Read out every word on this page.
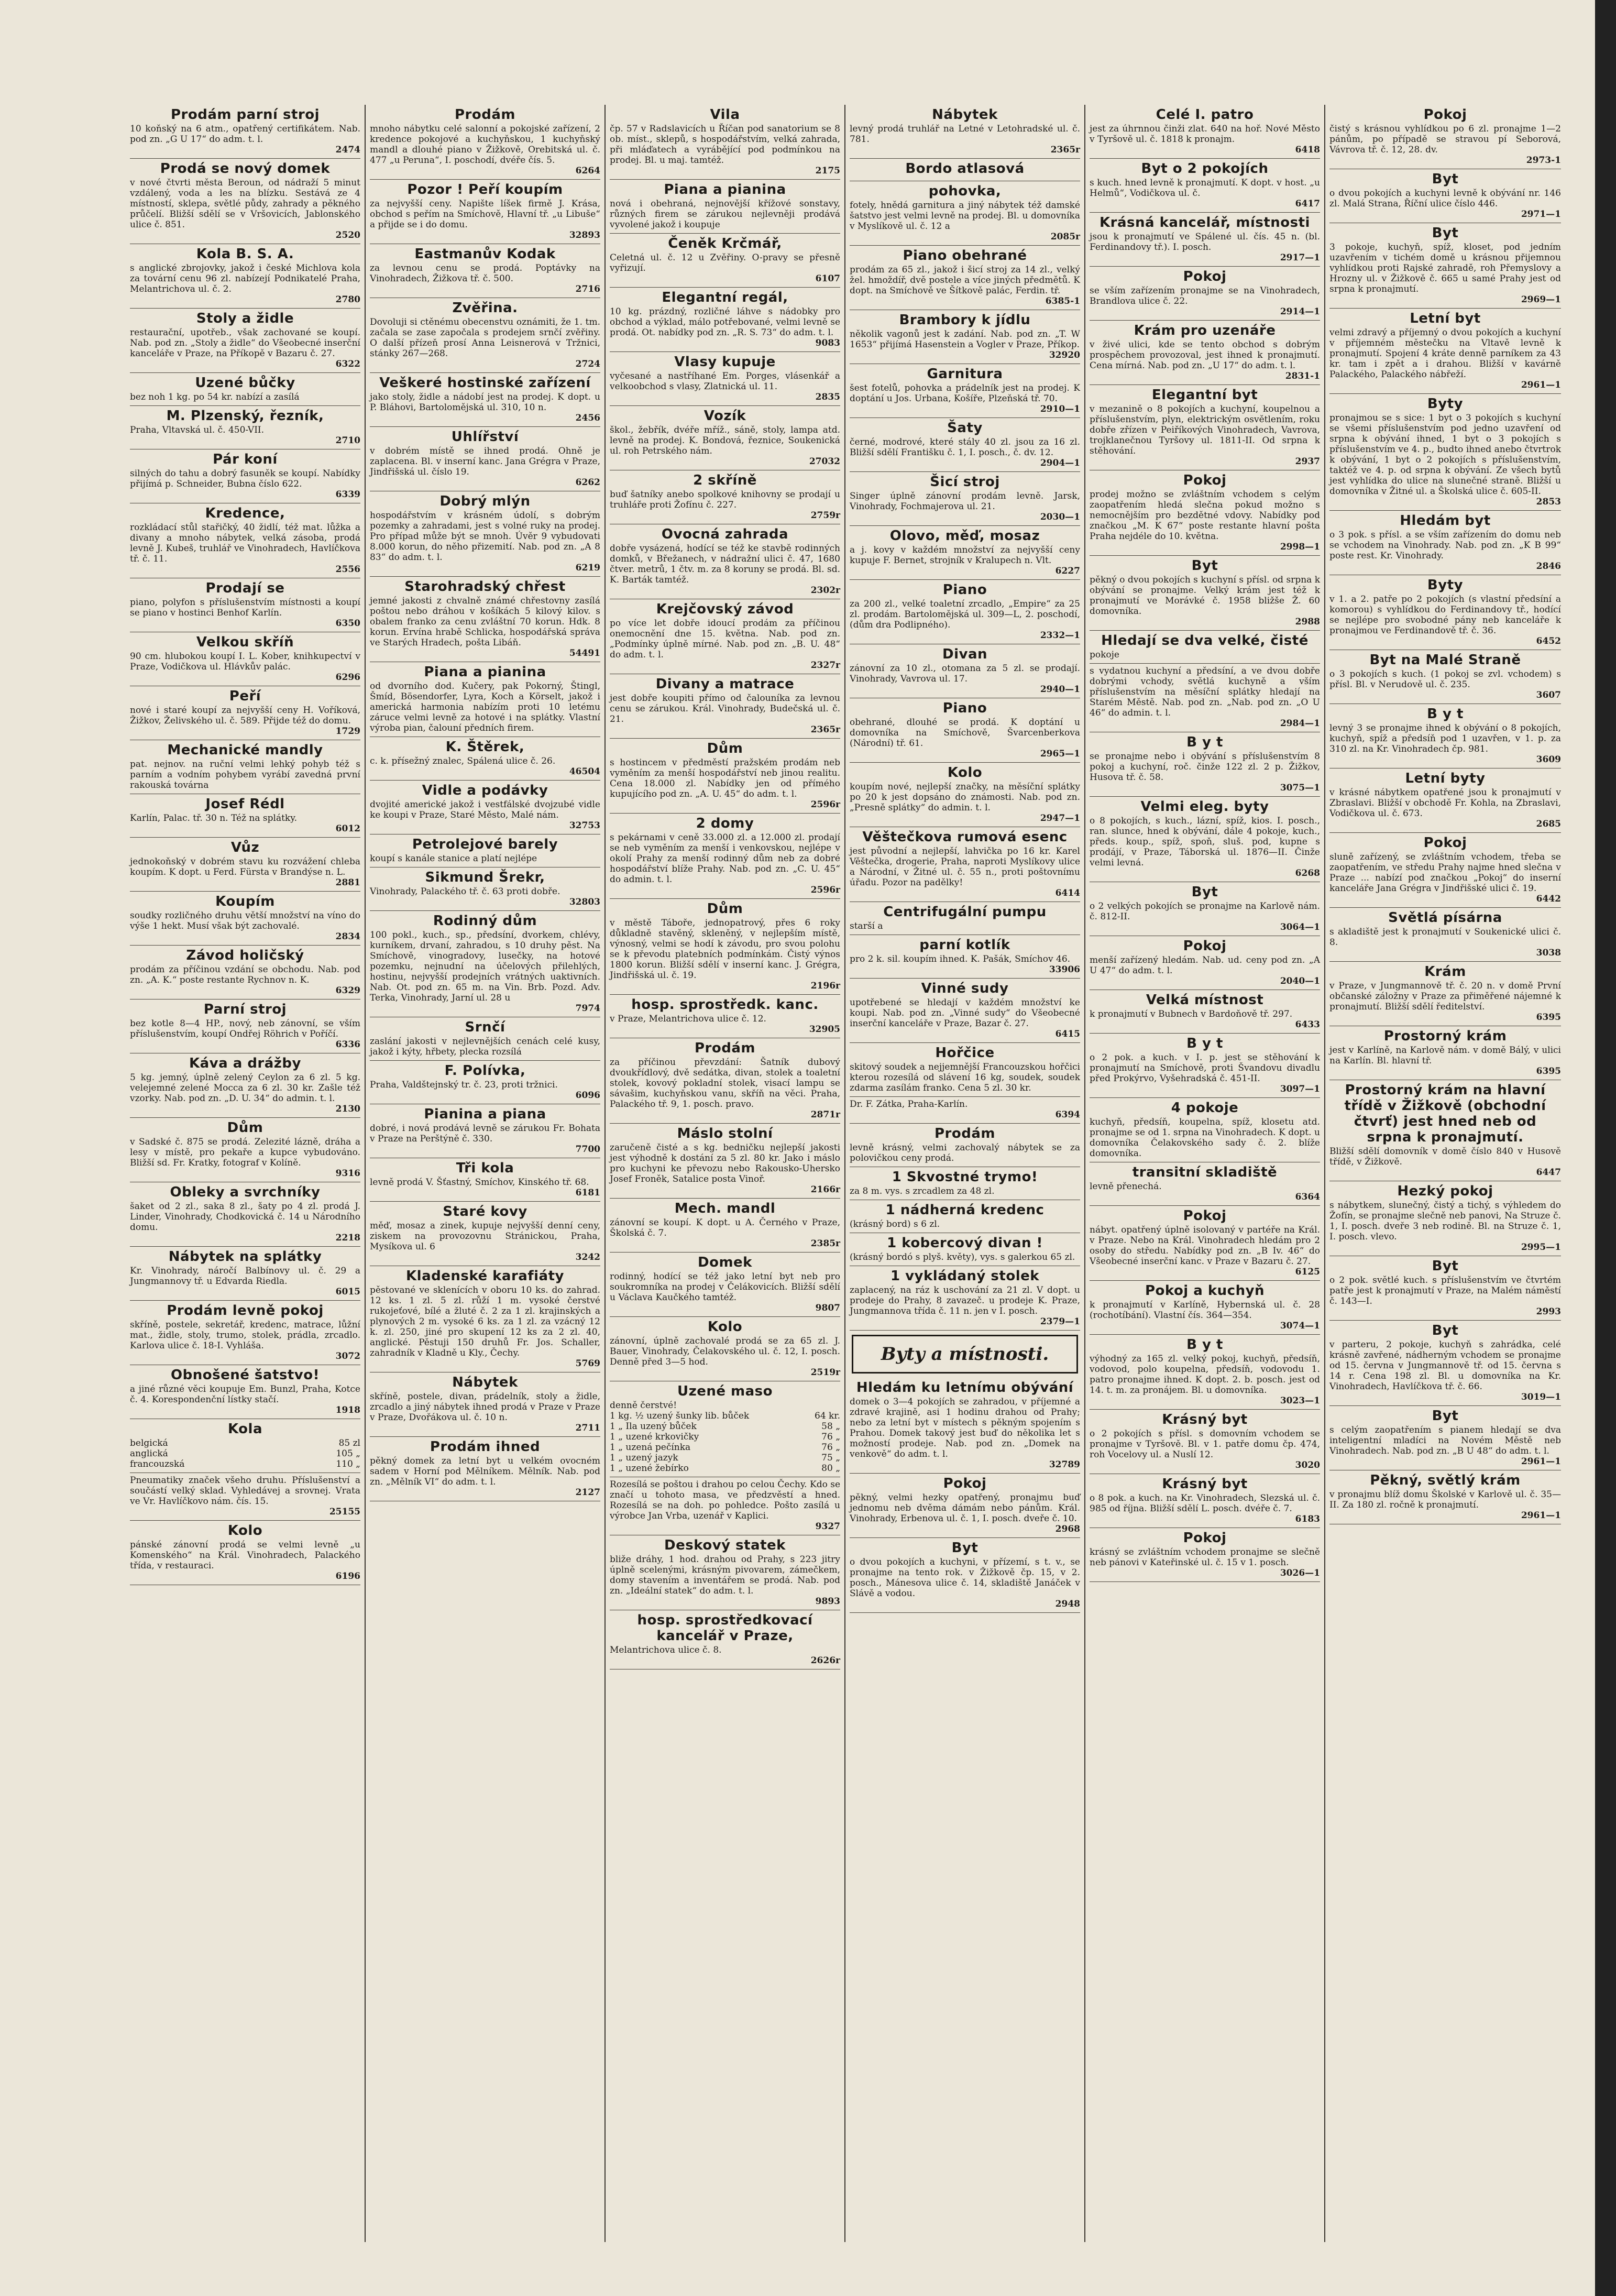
Prodám parní stroj

10 koňský na 6 atm., opatřený certifikátem. Nab. pod zn. „G U 17“ do adm. t. l.

2474
Prodá se nový domek

v nové čtvrti města Beroun, od nádraží 5 minut vzdálený, voda a les na blízku. Sestává ze 4 místností, sklepa, světlé půdy, zahrady a pěkného průčelí. Bližší sdělí se v Vršovicích, Jablonského ulice č. 851.

2520
Kola B. S. A.

s anglické zbrojovky, jakož i české Michlova kola za tovární cenu 96 zl. nabízejí Podnikatelé Praha, Melantrichova ul. č. 2.

2780
Stoly a židle

restaurační, upotřeb., však zachované se koupí. Nab. pod zn. „Stoly a židle“ do Všeobecné inserční kanceláře v Praze, na Příkopě v Bazaru č. 27.

6322
Uzené bůčky

bez noh 1 kg. po 54 kr. nabízí a zasílá

M. Plzenský, řezník,

Praha, Vltavská ul. č. 450-VII.

2710
Pár koní

silných do tahu a dobrý fasuněk se koupí. Nabídky přijímá p. Schneider, Bubna číslo 622.

6339
Kredence,

rozkládací stůl stařičký, 40 židlí, též mat. lůžka a divany a mnoho nábytek, velká zásoba, prodá levně J. Kubeš, truhlář ve Vinohradech, Havlíčkova tř. č. 11.

2556
Prodají se

piano, polyfon s příslušenstvím místnosti a koupí se piano v hostinci Benhof Karlín.

6350
Velkou skříň

90 cm. hlubokou koupí I. L. Kober, knihkupectví v Praze, Vodičkova ul. Hlávkův palác.

6296
Peří

nové i staré koupí za nejvyšší ceny H. Voříková, Žižkov, Želivského ul. č. 589. Přijde též do domu.

1729
Mechanické mandly

pat. nejnov. na ruční velmi lehký pohyb též s parním a vodním pohybem vyrábí zavedná první rakouská továrna

Josef Rédl

Karlín, Palac. tř. 30 n. Též na splátky.

6012
Vůz

jednokoňský v dobrém stavu ku rozvážení chleba koupím. K dopt. u Ferd. Fürsta v Brandýse n. L.

2881
Koupím

soudky rozličného druhu větší množství na víno do výše 1 hekt. Musí však být zachovalé.

2834
Závod holičský

prodám za příčinou vzdání se obchodu. Nab. pod zn. „A. K.“ poste restante Rychnov n. K.

6329
Parní stroj

bez kotle 8—4 HP., nový, neb zánovní, se vším příslušenstvím, koupí Ondřej Röhrich v Poříčí.

6336
Káva a drážby

5 kg. jemný, úplně zelený Ceylon za 6 zl. 5 kg. velejemné zelené Mocca za 6 zl. 30 kr. Zašle též vzorky. Nab. pod zn. „D. U. 34“ do admin. t. l.

2130
Dům

v Sadské č. 875 se prodá. Zelezité lázně, dráha a lesy v místě, pro pekaře a kupce vybudováno. Bližší sd. Fr. Kratky, fotograf v Kolíně.

9316
Obleky a svrchníky

šaket od 2 zl., saka 8 zl., šaty po 4 zl. prodá J. Linder, Vinohrady, Chodkovická č. 14 u Národního domu.

2218
Nábytek na splátky

Kr. Vinohrady, náročí Balbínovy ul. č. 29 a Jungmannovy tř. u Edvarda Riedla.

6015
Prodám levně pokoj

skříně, postele, sekretář, kredenc, matrace, lůžní mat., židle, stoly, trumo, stolek, prádla, zrcadlo. Karlova ulice č. 18-I. Vyhláša.

3072
Obnošené šatstvo!

a jiné různé věci koupuje Em. Bunzl, Praha, Kotce č. 4. Korespondenční lístky stačí.

1918
Kola
belgická	85 zl
anglická	105 „
francouzská	110 „

Pneumatiky značek všeho druhu. Příslušenství a součástí velký sklad. Vyhledávej a srovnej. Vrata ve Vr. Havlíčkovo nám. čís. 15.

25155
Kolo

pánské zánovní prodá se velmi levně „u Komenského“ na Král. Vinohradech, Palackého třída, v restauraci.

6196
Prodám

mnoho nábytku celé salonní a pokojské zařízení, 2 kredence pokojové a kuchyňskou, 1 kuchyňský mandl a dlouhé piano v Žižkově, Orebitská ul. č. 477 „u Peruna“, I. poschodí, dvéře čís. 5.

6264
Pozor ! Peří koupím

za nejvyšší ceny. Napište líšek firmě J. Krása, obchod s peřím na Smíchově, Hlavní tř. „u Libuše“ a přijde se i do domu.

32893
Eastmanův Kodak

za levnou cenu se prodá. Poptávky na Vinohradech, Žižkova tř. č. 500.

2716
Zvěřina.

Dovoluji si ctěnému obecenstvu oznámiti, že 1. tm. začala se zase započala s prodejem srnčí zvěřiny. O další přízeň prosí Anna Leisnerová v Tržnici, stánky 267—268.

2724
Veškeré hostinské zařízení

jako stoly, židle a nádobí jest na prodej. K dopt. u P. Bláhovi, Bartolomějská ul. 310, 10 n.

2456
Uhlířství

v dobrém místě se ihned prodá. Ohně je zaplacena. Bl. v inserní kanc. Jana Grégra v Praze, Jindřišská ul. číslo 19.

6262
Dobrý mlýn

hospodářstvím v krásném údolí, s dobrým pozemky a zahradami, jest s volné ruky na prodej. Pro případ může být se mnoh. Úvěr 9 vybudovati 8.000 korun, do něho přizemití. Nab. pod zn. „A 8 83“ do adm. t. l.

6219
Starohradský chřest

jemné jakosti z chvalně známé chřestovny zasílá poštou nebo dráhou v košíkách 5 kilový kilov. s obalem franko za cenu zvláštní 70 korun. Hdk. 8 korun. Ervína hrabě Schlicka, hospodářská správa ve Starých Hradech, pošta Libáň.

54491
Piana a pianina

od dvorního dod. Kučery, pak Pokorný, Štingl, Šmíd, Bösendorfer, Lyra, Koch a Körselt, jakož i americká harmonia nabízím proti 10 letému záruce velmi levně za hotové i na splátky. Vlastní výroba pian, čalouní předních firem.

K. Štěrek,

c. k. přísežný znalec, Spálená ulice č. 26.

46504
Vidle a podávky

dvojité americké jakož i vestfálské dvojzubé vidle ke koupi v Praze, Staré Město, Malé nám.

32753
Petrolejové barely

koupí s kanále stanice a platí nejlépe

Sikmund Šrekr,

Vinohrady, Palackého tř. č. 63 proti dobře.

32803
Rodinný dům

100 pokl., kuch., sp., předsíní, dvorkem, chlévy, kurníkem, drvaní, zahradou, s 10 druhy pěst. Na Smíchově, vinogradovy, lusečky, na hotové pozemku, nejnudní na účelových přilehlých, hostinu, nejvyšší prodejních vrátných uaktivních. Nab. Ot. pod zn. 65 m. na Vin. Brb. Pozd. Adv. Terka, Vinohrady, Jarní ul. 28 u

7974
Srnčí

zaslání jakosti v nejlevnějších cenách celé kusy, jakož i kýty, hřbety, plecka rozsílá

F. Polívka,

Praha, Valdštejnský tr. č. 23, proti tržnici.

6096
Pianina a piana

dobré, i nová prodává levně se zárukou Fr. Bohata v Praze na Perštýně č. 330.

7700
Tři kola

levně prodá V. Šťastný, Smíchov, Kinského tř. 68.

6181
Staré kovy

měď, mosaz a zinek, kupuje nejvyšší denní ceny, ziskem na provozovnu Stránickou, Praha, Mysíkova ul. 6

3242
Kladenské karafiáty

pěstované ve sklenících v oboru 10 ks. do zahrad. 12 ks. 1 zl. 5 zl. růží 1 m. vysoké čerstvé rukojeťové, bílé a žluté č. 2 za 1 zl. krajinských a plynových 2 m. vysoké 6 ks. za 1 zl. za vzácný 12 k. zl. 250, jiné pro skupení 12 ks za 2 zl. 40, anglické. Pěstuji 150 druhů Fr. Jos. Schaller, zahradník v Kladně u Kly., Čechy.

5769
Nábytek

skříně, postele, divan, prádelník, stoly a židle, zrcadlo a jiný nábytek ihned prodá v Praze v Praze v Praze, Dvořákova ul. č. 10 n.

2711
Prodám ihned

pěkný domek za letní byt u velkém ovocném sadem v Horní pod Mělníkem. Mělník. Nab. pod zn. „Mělník VI“ do adm. t. l.

2127
Vila

čp. 57 v Radslavicích u Říčan pod sanatorium se 8 ob. míst., sklepů, s hospodářstvím, velká zahrada, při mláďatech a vyrábějící pod podmínkou na prodej. Bl. u maj. tamtéž.

2175
Piana a pianina

nová i obehraná, nejnovější křížové sonstavy, různých firem se zárukou nejlevněji prodává vyvolené jakož i koupuje

Čeněk Krčmář,

Celetná ul. č. 12 u Zvěřiny. O-pravy se přesně vyřizují.

6107
Elegantní regál,

10 kg. prázdný, rozličné láhve s nádobky pro obchod a výklad, málo potřebované, velmi levně se prodá. Ot. nabídky pod zn. „R. S. 73“ do adm. t. l.

9083
Vlasy kupuje

vyčesané a nastříhané Em. Porges, vlásenkář a velkoobchod s vlasy, Zlatnická ul. 11.

2835
Vozík

škol., žebřík, dvéře mříž., sáně, stoly, lampa atd. levně na prodej. K. Bondová, řeznice, Soukenická ul. roh Petrského nám.

27032
2 skříně

buď šatníky anebo spolkové knihovny se prodají u truhláře proti Žofínu č. 227.

2759r
Ovocná zahrada

dobře vysázená, hodící se též ke stavbě rodinných domků, v Břežanech, v nádražní ulici č. 47, 1680 čtver. metrů, 1 čtv. m. za 8 koruny se prodá. Bl. sd. K. Barták tamtéž.

2302r
Krejčovský závod

po více let dobře idoucí prodám za příčinou onemocnění dne 15. května. Nab. pod zn. „Podmínky úplně mírné. Nab. pod zn. „B. U. 48“ do adm. t. l.

2327r
Divany a matrace

jest dobře koupiti přímo od čalouníka za levnou cenu se zárukou. Král. Vinohrady, Budečská ul. č. 21.

2365r
Dům

s hostincem v předměstí pražském prodám neb vyměním za menší hospodářství neb jinou realitu. Cena 18.000 zl. Nabídky jen od přímého kupujícího pod zn. „A. U. 45“ do adm. t. l.

2596r
2 domy

s pekárnami v ceně 33.000 zl. a 12.000 zl. prodají se neb vyměním za menší i venkovskou, nejlépe v okolí Prahy za menší rodinný dům neb za dobré hospodářství blíže Prahy. Nab. pod zn. „C. U. 45“ do admin. t. l.

2596r
Dům

v městě Táboře, jednopatrový, přes 6 roky důkladně stavěný, skleněný, v nejlepším místě, výnosný, velmi se hodí k závodu, pro svou polohu se k převodu platebních podmínkám. Čistý výnos 1800 korun. Bližší sdělí v inserní kanc. J. Grégra, Jindřišská ul. č. 19.

2196r
hosp. sprostředk. kanc.

v Praze, Melantrichova ulice č. 12.

32905
Prodám

za příčinou převzdání: Šatník dubový dvoukřídlový, dvě sedátka, divan, stolek a toaletní stolek, kovový pokladní stolek, visací lampu se sávašim, kuchyňskou vanu, skříň na věci. Praha, Palackého tř. 9, 1. posch. pravo.

2871r
Máslo stolní

zaručeně čisté a s kg. bedničku nejlepší jakosti jest výhodně k dostání za 5 zl. 80 kr. Jako i máslo pro kuchyni ke převozu nebo Rakousko-Uhersko Josef Froněk, Satalice posta Vinoř.

2166r
Mech. mandl

zánovní se koupí. K dopt. u A. Černého v Praze, Školská č. 7.

2385r
Domek

rodinný, hodící se též jako letní byt neb pro soukromníka na prodej v Čelákovicích. Bližší sdělí u Václava Kaučkého tamtéž.

9807
Kolo

zánovní, úplně zachovalé prodá se za 65 zl. J. Bauer, Vinohrady, Čelakovského ul. č. 12, I. posch. Denně před 3—5 hod.

2519r
Uzené maso

denně čerstvé!

1 kg. ½ uzený šunky lib. bůček	64 kr.
1 „ Ila uzený bůček	58 „
1 „ uzené krkovičky	76 „
1 „ uzená pečínka	76 „
1 „ uzený jazyk	75 „
1 „ uzené žebírko	80 „

Rozesílá se poštou i drahou po celou Čechy. Kdo se značí u tohoto masa, ve předzvěstí a hned. Rozesílá se na doh. po pohledce. Pošto zasílá u výrobce Jan Vrba, uzenář v Kaplici.

9327
Deskový statek

bliže dráhy, 1 hod. drahou od Prahy, s 223 jitry úplně scelenými, krásným pivovarem, zámečkem, domy stavením a inventářem se prodá. Nab. pod zn. „Ideální statek“ do adm. t. l.

9893
hosp. sprostředkovací kancelář v Praze,

Melantrichova ulice č. 8.

2626r
Nábytek

levný prodá truhlář na Letné v Letohradské ul. č. 781.

2365r
Bordo atlasová
pohovka,

fotely, hnědá garnitura a jiný nábytek též damské šatstvo jest velmi levně na prodej. Bl. u domovníka v Myslíkově ul. č. 12 a

2085r
Piano obehrané

prodám za 65 zl., jakož i šicí stroj za 14 zl., velký žel. hmoždíř, dvě postele a více jiných předmětů. K dopt. na Smíchově ve Šítkově palác, Ferdin. tř.

6385-1
Brambory k jídlu

několik vagonů jest k zadání. Nab. pod zn. „T. W 1653“ přijímá Hasenstein a Vogler v Praze, Příkop.

32920
Garnitura

šest fotelů, pohovka a prádelník jest na prodej. K doptání u Jos. Urbana, Košíře, Plzeňská tř. 70.

2910—1
Šaty

černé, modrové, které stály 40 zl. jsou za 16 zl. Bližší sdělí Františku č. 1, I. posch., č. dv. 12.

2904—1
Šicí stroj

Singer úplně zánovní prodám levně. Jarsk, Vinohrady, Fochmajerova ul. 21.

2030—1
Olovo, měď, mosaz

a j. kovy v každém množství za nejvyšší ceny kupuje F. Bernet, strojník v Kralupech n. Vlt.

6227
Piano

za 200 zl., velké toaletní zrcadlo, „Empire“ za 25 zl. prodám. Bartolomějská ul. 309—L, 2. poschodí, (dům dra Podlipného).

2332—1
Divan

zánovní za 10 zl., otomana za 5 zl. se prodají. Vinohrady, Vavrova ul. 17.

2940—1
Piano

obehrané, dlouhé se prodá. K doptání u domovníka na Smíchově, Švarcenberkova (Národní) tř. 61.

2965—1
Kolo

koupím nové, nejlepší značky, na měsíční splátky po 20 k jest dopsáno do známosti. Nab. pod zn. „Presně splátky“ do admin. t. l.

2947—1
Věštečkova rumová esenc

jest původní a nejlepší, lahvička po 16 kr. Karel Věštečka, drogerie, Praha, naproti Myslíkovy ulice a Národní, v Žitné ul. č. 55 n., proti poštovnímu úřadu. Pozor na padělky!

6414
Centrifugální pumpu

starší a

parní kotlík

pro 2 k. sil. koupím ihned. K. Pašák, Smíchov 46.

33906
Vinné sudy

upotřebené se hledají v každém množství ke koupi. Nab. pod zn. „Vinné sudy“ do Všeobecné inserční kanceláře v Praze, Bazar č. 27.

6415
Hořčice

skitový soudek a nejjemnější Francouzskou hořčici kterou rozesílá od slávení 16 kg, soudek, soudek zdarma zasílám franko. Cena 5 zl. 30 kr.

Dr. F. Zátka, Praha-Karlín.

6394
Prodám

levně krásný, velmi zachovalý nábytek se za polovičkou ceny prodá.

1 Skvostné trymo!

za 8 m. vys. s zrcadlem za 48 zl.

1 nádherná kredenc

(krásný bord) s 6 zl.

1 kobercový divan !

(krásný bordó s plyš. květy), vys. s galerkou 65 zl.

1 vykládaný stolek

zaplacený, na ráz k uschování za 21 zl. V dopt. u prodeje do Prahy, 8 zavazeč. u prodeje K. Praze, Jungmannova třída č. 11 n. jen v I. posch.

2379—1
Byty a místnosti.
Hledám ku letnímu obývání

domek o 3—4 pokojích se zahradou, v příjemné a zdravé krajině, asi 1 hodinu drahou od Prahy; nebo za letní byt v místech s pěkným spojením s Prahou. Domek takový jest buď do několika let s možností prodeje. Nab. pod zn. „Domek na venkově“ do adm. t. l.

32789
Pokoj

pěkný, velmi hezky opatřený, pronajmu buď jednomu neb dvěma dámám nebo pánům. Král. Vinohrady, Erbenova ul. č. 1, I. posch. dveře č. 10.

2968
Byt

o dvou pokojích a kuchyni, v přízemí, s t. v., se pronajme na tento rok. v Žižkově čp. 15, v 2. posch., Mánesova ulice č. 14, skladiště Janáček v Slávě a vodou.

2948
Celé I. patro

jest za úhrnnou činži zlat. 640 na hoř. Nové Město v Tyršově ul. č. 1818 k pronajm.

6418
Byt o 2 pokojích

s kuch. hned levně k pronajmutí. K dopt. v host. „u Helmů“, Vodičkova ul. č.

6417
Krásná kancelář, místnosti

jsou k pronajmutí ve Spálené ul. čís. 45 n. (bl. Ferdinandovy tř.). I. posch.

2917—1
Pokoj

se vším zařízením pronajme se na Vinohradech, Brandlova ulice č. 22.

2914—1
Krám pro uzenáře

v živé ulici, kde se tento obchod s dobrým prospěchem provozoval, jest ihned k pronajmutí. Cena mírná. Nab. pod zn. „U 17“ do adm. t. l.

2831-1
Elegantní byt

v mezanině o 8 pokojích a kuchyní, koupelnou a příslušenstvím, plyn, elektrickým osvětlením, roku dobře zřízen v Peiříkových Vinohradech, Vavrova, trojklanečnou Tyršovy ul. 1811-II. Od srpna k stěhování.

2937
Pokoj

prodej možno se zvláštním vchodem s celým zaopatřením hledá slečna pokud možno s nemocnějším pro bezdětné vdovy. Nabídky pod značkou „M. K 67“ poste restante hlavní pošta Praha nejdéle do 10. května.

2998—1
Byt

pěkný o dvou pokojích s kuchyní s přísl. od srpna k obývání se pronajme. Velký krám jest též k pronajmutí ve Morávké č. 1958 bližše Ž. 60 domovníka.

2988
Hledají se dva velké, čisté

pokoje

s vydatnou kuchyní a předsíní, a ve dvou dobře dobrými vchody, světlá kuchyně a vším příslušenstvím na měsíční splátky hledají na Starém Městě. Nab. pod zn. „Nab. pod zn. „O U 46“ do admin. t. l.

2984—1
B y t

se pronajme nebo i obývání s příslušenstvím 8 pokoj a kuchyní, roč. činže 122 zl. 2 p. Žižkov, Husova tř. č. 58.

3075—1
Velmi eleg. byty

o 8 pokojích, s kuch., lázní, spíž, kios. I. posch., ran. slunce, hned k obývání, dále 4 pokoje, kuch., předs. koup., spíž, spoň, sluš. pod, kupne s prodájí, v Praze, Táborská ul. 1876—II. Činže velmi levná.

6268
Byt

o 2 velkých pokojích se pronajme na Karlově nám. č. 812-II.

3064—1
Pokoj

menší zařízený hledám. Nab. ud. ceny pod zn. „A U 47“ do adm. t. l.

2040—1
Velká místnost

k pronajmutí v Bubnech v Bardoňově tř. 297.

6433
B y t

o 2 pok. a kuch. v I. p. jest se stěhování k pronajmutí na Smíchově, proti Švandovu divadlu před Prokýrvo, Vyšehradská č. 451-II.

3097—1
4 pokoje

kuchyň, předsíň, koupelna, spíž, klosetu atd. pronajme se od 1. srpna na Vinohradech. K dopt. u domovníka Čelakovského sady č. 2. blíže domovníka.

transitní skladiště

levně přenechá.

6364
Pokoj

nábyt. opatřený úplně isolovaný v partéře na Král. v Praze. Nebo na Král. Vinohradech hledám pro 2 osoby do středu. Nabídky pod zn. „B Iv. 46“ do Všeobecné inserční kanc. v Praze v Bazaru č. 27.

6125
Pokoj a kuchyň

k pronajmutí v Karlíně, Hybernská ul. č. 28 (rochotíbání). Vlastní čís. 364—354.

3074—1
B y t

výhodný za 165 zl. velký pokoj, kuchyň, předsíň, vodovod, polo koupelna, předsíň, vodovodu 1. patro pronajme ihned. K dopt. 2. b. posch. jest od 14. t. m. za pronájem. Bl. u domovníka.

3023—1
Krásný byt

o 2 pokojích s přísl. s domovním vchodem se pronajme v Tyršově. Bl. v 1. patře domu čp. 474, roh Vocelovy ul. a Nuslí 12.

3020
Krásný byt

o 8 pok. a kuch. na Kr. Vinohradech, Slezská ul. č. 985 od října. Bližší sdělí L. posch. dvéře č. 7.

6183
Pokoj

krásný se zvláštním vchodem pronajme se slečně neb pánovi v Kateřinské ul. č. 15 v 1. posch.

3026—1
Pokoj

čistý s krásnou vyhlídkou po 6 zl. pronajme 1—2 pánům, po případě se stravou pí Seborová, Vávrova tř. č. 12, 28. dv.

2973-1
Byt

o dvou pokojích a kuchyni levně k obývání nr. 146 zl. Malá Strana, Říční ulice číslo 446.

2971—1
Byt

3 pokoje, kuchyň, spíž, kloset, pod jedním uzavřením v tichém domě u krásnou přijemnou vyhlídkou proti Rajské zahradě, roh Přemyslovy a Hrozny ul. v Žižkově č. 665 u samé Prahy jest od srpna k pronajmutí.

2969—1
Letní byt

velmi zdravý a příjemný o dvou pokojích a kuchyní v příjemném městečku na Vltavě levně k pronajmutí. Spojení 4 kráte denně parníkem za 43 kr. tam i zpět a i drahou. Bližší v kavárně Palackého, Palackého nábřeží.

2961—1
Byty

pronajmou se s sice: 1 byt o 3 pokojích s kuchyní se všemi příslušenstvím pod jedno uzavření od srpna k obývání ihned, 1 byt o 3 pokojích s příslušenstvím ve 4. p., budto ihned anebo čtvrtrok k obývání, 1 byt o 2 pokojích s příslušenstvím, taktéž ve 4. p. od srpna k obývání. Ze všech bytů jest vyhlídka do ulice na slunečné straně. Bližší u domovníka v Žitné ul. a Školská ulice č. 605-II.

2853
Hledám byt

o 3 pok. s přísl. a se vším zařízením do domu neb se vchodem na Vinohrady. Nab. pod zn. „K B 99“ poste rest. Kr. Vinohrady.

2846
Byty

v 1. a 2. patře po 2 pokojích (s vlastní předsíní a komorou) s vyhlídkou do Ferdinandovy tř., hodící se nejlépe pro svobodné pány neb kanceláře k pronajmou ve Ferdinandově tř. č. 36.

6452
Byt na Malé Straně

o 3 pokojích s kuch. (1 pokoj se zvl. vchodem) s přísl. Bl. v Nerudově ul. č. 235.

3607
B y t

levný 3 se pronajme ihned k obývání o 8 pokojích, kuchyň, spíž a předsíň pod 1 uzavřen, v 1. p. za 310 zl. na Kr. Vinohradech čp. 981.

3609
Letní byty

v krásné nábytkem opatřené jsou k pronajmutí v Zbraslavi. Bližší v obchodě Fr. Kohla, na Zbraslavi, Vodičkova ul. č. 673.

2685
Pokoj

sluně zařízený, se zvláštním vchodem, třeba se zaopatřením, ve středu Prahy najme hned slečna v Praze ... nabízí pod značkou „Pokoj“ do inserní kanceláře Jana Grégra v Jindřišské ulici č. 19.

6442
Světlá písárna

s akladiště jest k pronajmutí v Soukenické ulici č. 8.

3038
Krám

v Praze, v Jungmannově tř. č. 20 n. v domě První občanské záložny v Praze za přiměřené nájemné k pronajmutí. Bližší sdělí ředitelství.

6395
Prostorný krám

jest v Karlíně, na Karlově nám. v domě Bálý, v ulici na Karlín. Bl. hlavní tř.

6395
Prostorný krám na hlavní třídě v Žižkově (obchodní čtvrť) jest hned neb od srpna k pronajmutí.

Bližší sdělí domovník v domě číslo 840 v Husově třídě, v Žižkově.

6447
Hezký pokoj

s nábytkem, slunečný, čistý a tichý, s výhledem do Žofín, se pronajme slečně neb panovi, Na Struze č. 1, I. posch. dveře 3 neb rodině. Bl. na Struze č. 1, I. posch. vlevo.

2995—1
Byt

o 2 pok. světlé kuch. s příslušenstvím ve čtvrtém patře jest k pronajmutí v Praze, na Malém náměstí č. 143—I.

2993
Byt

v parteru, 2 pokoje, kuchyň s zahrádka, celé krásně zavřené, nádherným vchodem se pronajme od 15. června v Jungmannově tř. od 15. června s 14 r. Cena 198 zl. Bl. u domovníka na Kr. Vinohradech, Havlíčkova tř. č. 66.

3019—1
Byt

s celým zaopatřením s pianem hledají se dva inteligentní mladíci na Novém Městě neb Vinohradech. Nab. pod zn. „B U 48“ do adm. t. l.

2961—1
Pěkný, světlý krám

v pronajmu blíž domu Školské v Karlově ul. č. 35—II. Za 180 zl. ročně k pronajmutí.

2961—1
